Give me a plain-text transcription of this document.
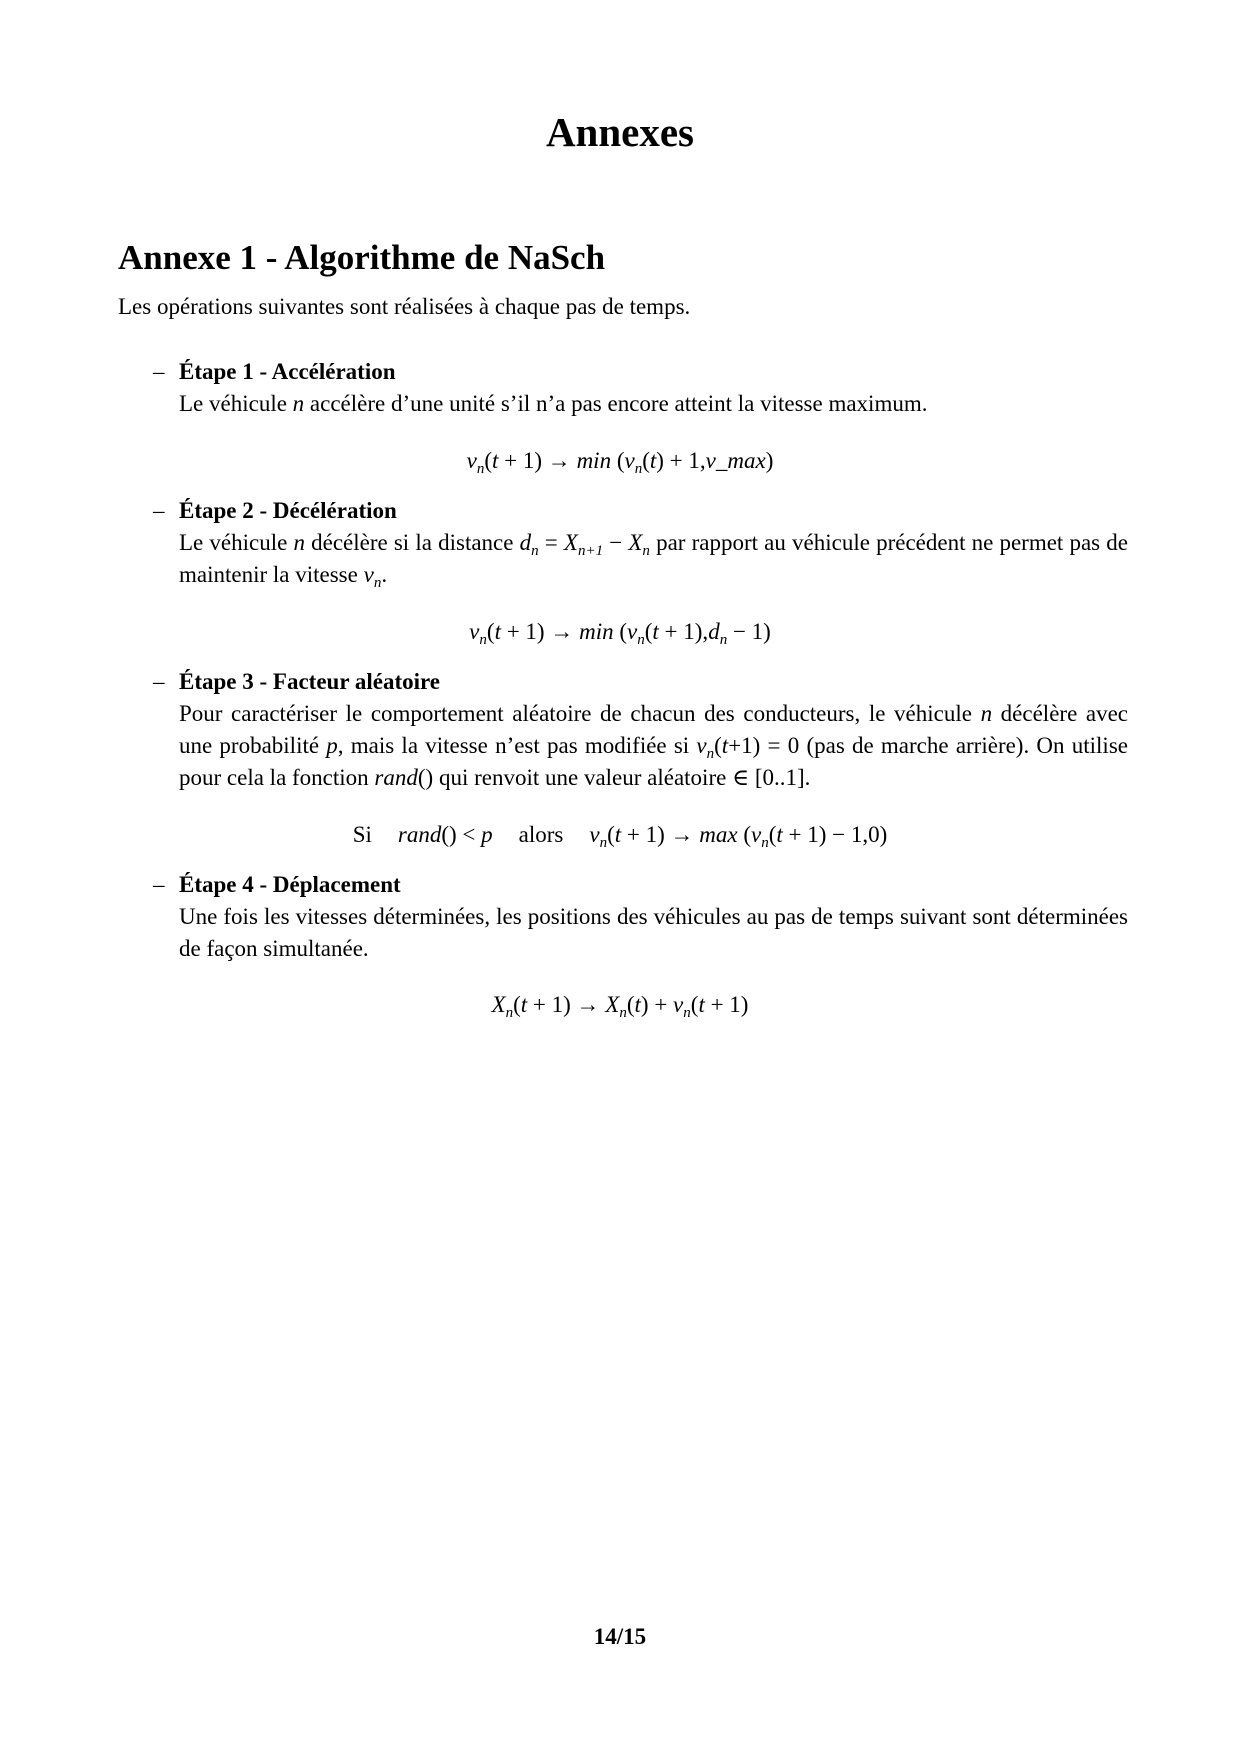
Annexes
Annexe 1 - Algorithme de NaSch

Les opérations suivantes sont réalisées à chaque pas de temps.

– Étape 1 - Accélération
Le véhicule n accélère d’une unité s’il n’a pas encore atteint la vitesse maximum.
$v_n(t + 1) \to \min (v_n(t)$ + 1,v_max)
– Étape 2 - Décélération
Le véhicule n décélère si la distance $d_n = X_{n+1} - X_n$ par rapport au véhicule précédent ne permet pas de maintenir la vitesse $v_n$.
$v_n(t + 1) \to \min (v_n(t + 1),d_n - 1)$
– Étape 3 - Facteur aléatoire
Pour caractériser le comportement aléatoire de chacun des conducteurs, le véhicule n décélère avec une probabilité p, mais la vitesse n’est pas modifiée si $v_n(t+1) = 0$ (pas de marche arrière). On utilise pour cela la fonction rand() qui renvoit une valeur aléatoire ∈ [0..1].
Si rand() < p alors $v_n(t + 1) \to \max (v_n(t + 1) - 1,0)$
– Étape 4 - Déplacement
Une fois les vitesses déterminées, les positions des véhicules au pas de temps suivant sont déterminées de façon simultanée.
$X_n(t + 1) \to X_n(t) + v_n(t + 1)$
14/15
